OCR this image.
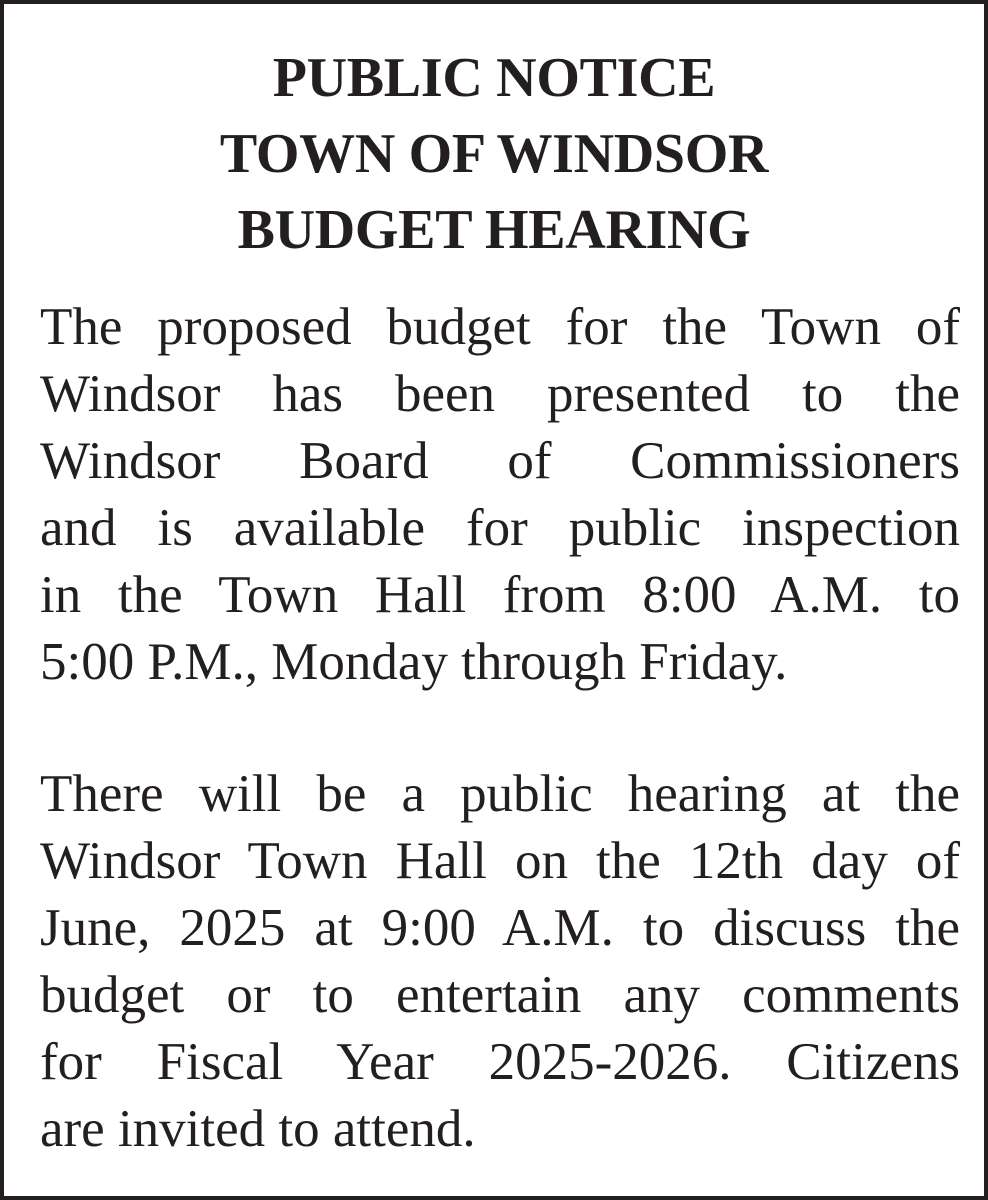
PUBLIC NOTICE
TOWN OF WINDSOR
BUDGET HEARING
The proposed budget for the Town of
Windsor has been presented to the
Windsor Board of Commissioners
and is available for public inspection
in the Town Hall from 8:00 A.M. to
5:00 P.M., Monday through Friday.
There will be a public hearing at the
Windsor Town Hall on the 12th day of
June, 2025 at 9:00 A.M. to discuss the
budget or to entertain any comments
for Fiscal Year 2025-2026. Citizens
are invited to attend.
